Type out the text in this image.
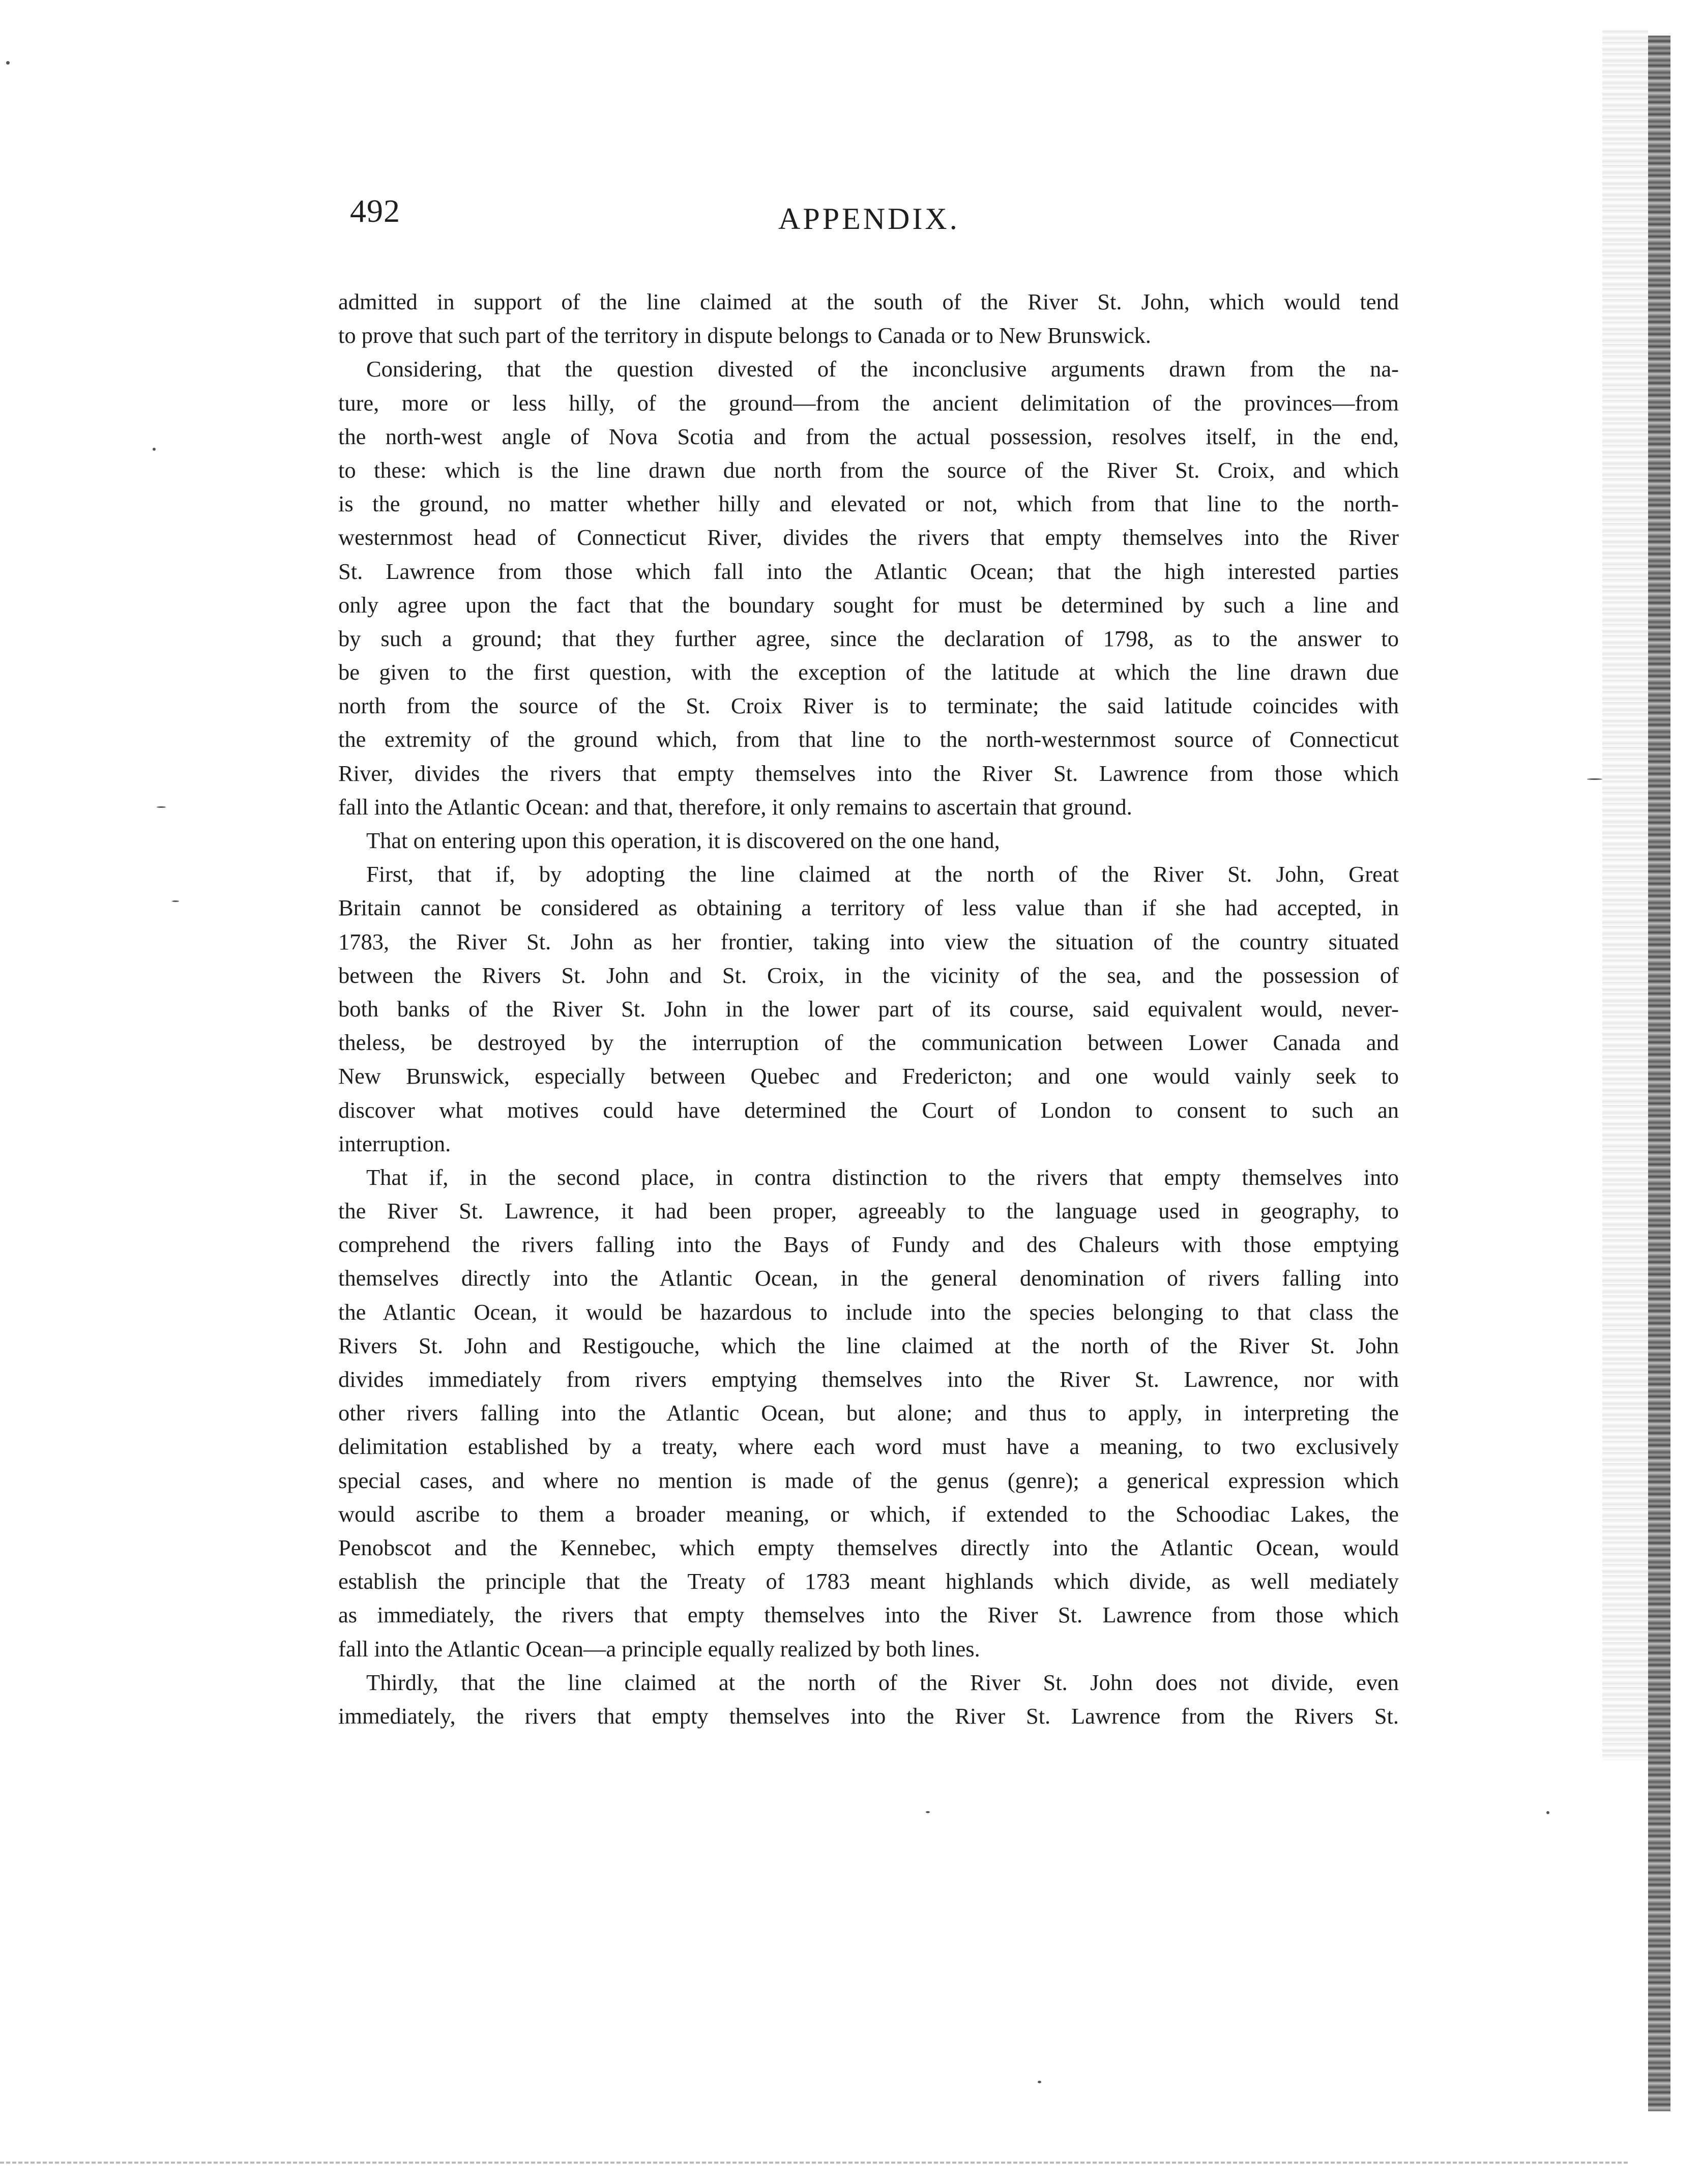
492	APPENDIX.
admitted in support of the line claimed at the south of the River St. John, which would tend
to prove that such part of the territory in dispute belongs to Canada or to New Brunswick.
Considering, that the question divested of the inconclusive arguments drawn from the na-
ture, more or less hilly, of the ground—from the ancient delimitation of the provinces—from
the north-west angle of Nova Scotia and from the actual possession, resolves itself, in the end,
to these: which is the line drawn due north from the source of the River St. Croix, and which
is the ground, no matter whether hilly and elevated or not, which from that line to the north-
westernmost head of Connecticut River, divides the rivers that empty themselves into the River
St. Lawrence from those which fall into the Atlantic Ocean; that the high interested parties
only agree upon the fact that the boundary sought for must be determined by such a line and
by such a ground; that they further agree, since the declaration of 1798, as to the answer to
be given to the first question, with the exception of the latitude at which the line drawn due
north from the source of the St. Croix River is to terminate; the said latitude coincides with
the extremity of the ground which, from that line to the north-westernmost source of Connecticut
River, divides the rivers that empty themselves into the River St. Lawrence from those which
fall into the Atlantic Ocean: and that, therefore, it only remains to ascertain that ground.
That on entering upon this operation, it is discovered on the one hand,
First, that if, by adopting the line claimed at the north of the River St. John, Great
Britain cannot be considered as obtaining a territory of less value than if she had accepted, in
1783, the River St. John as her frontier, taking into view the situation of the country situated
between the Rivers St. John and St. Croix, in the vicinity of the sea, and the possession of
both banks of the River St. John in the lower part of its course, said equivalent would, never-
theless, be destroyed by the interruption of the communication between Lower Canada and
New Brunswick, especially between Quebec and Fredericton; and one would vainly seek to
discover what motives could have determined the Court of London to consent to such an
interruption.
That if, in the second place, in contra distinction to the rivers that empty themselves into
the River St. Lawrence, it had been proper, agreeably to the language used in geography, to
comprehend the rivers falling into the Bays of Fundy and des Chaleurs with those emptying
themselves directly into the Atlantic Ocean, in the general denomination of rivers falling into
the Atlantic Ocean, it would be hazardous to include into the species belonging to that class the
Rivers St. John and Restigouche, which the line claimed at the north of the River St. John
divides immediately from rivers emptying themselves into the River St. Lawrence, nor with
other rivers falling into the Atlantic Ocean, but alone; and thus to apply, in interpreting the
delimitation established by a treaty, where each word must have a meaning, to two exclusively
special cases, and where no mention is made of the genus (genre); a generical expression which
would ascribe to them a broader meaning, or which, if extended to the Schoodiac Lakes, the
Penobscot and the Kennebec, which empty themselves directly into the Atlantic Ocean, would
establish the principle that the Treaty of 1783 meant highlands which divide, as well mediately
as immediately, the rivers that empty themselves into the River St. Lawrence from those which
fall into the Atlantic Ocean—a principle equally realized by both lines.
Thirdly, that the line claimed at the north of the River St. John does not divide, even
immediately, the rivers that empty themselves into the River St. Lawrence from the Rivers St.
